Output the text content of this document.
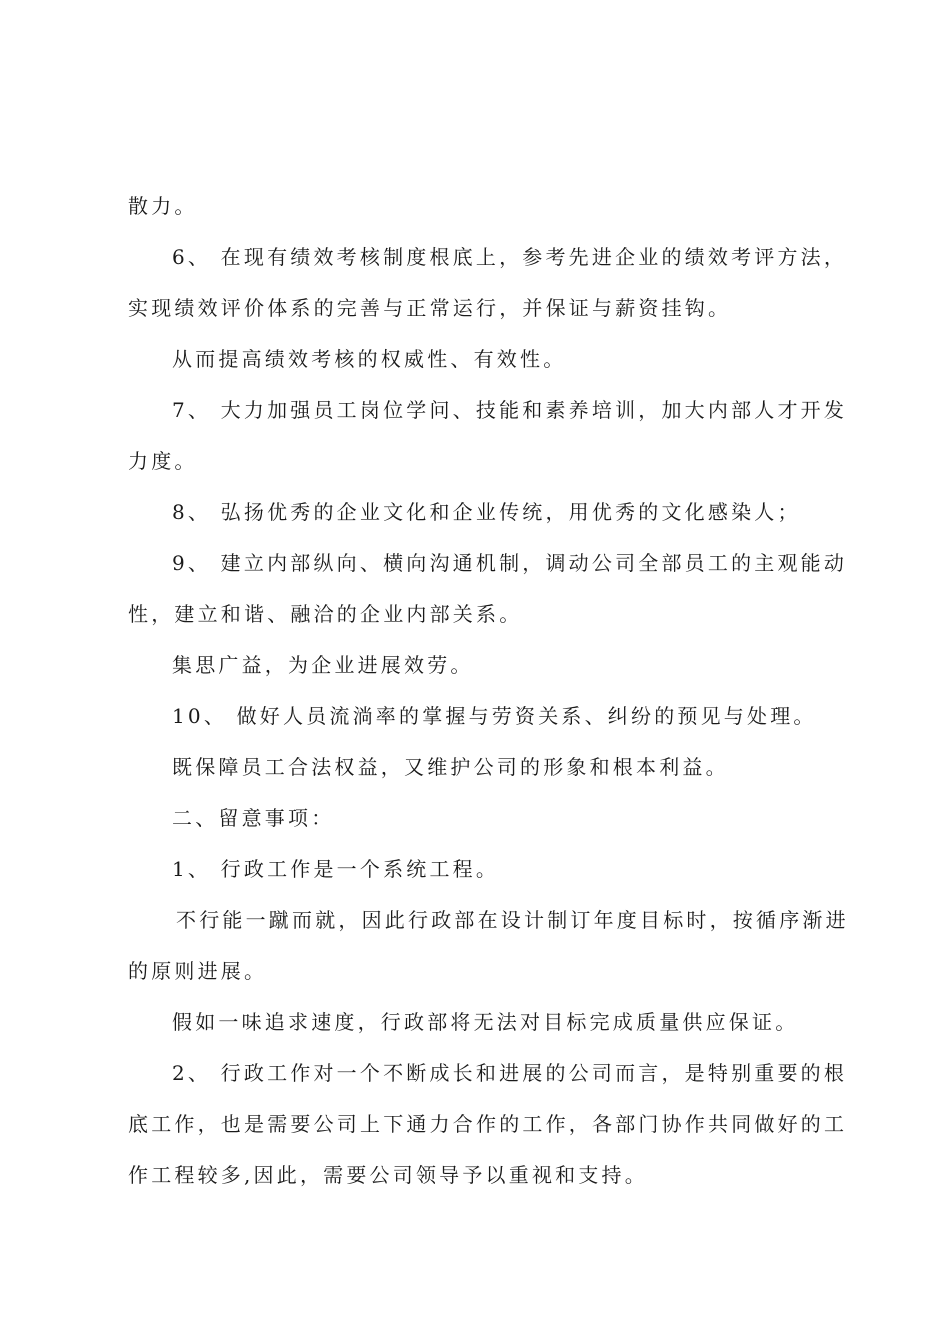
散力。
6、 在现有绩效考核制度根底上，参考先进企业的绩效考评方法，
实现绩效评价体系的完善与正常运行，并保证与薪资挂钩。
从而提高绩效考核的权威性、有效性。
7、 大力加强员工岗位学问、技能和素养培训，加大内部人才开发
力度。
8、 弘扬优秀的企业文化和企业传统，用优秀的文化感染人；
9、 建立内部纵向、横向沟通机制，调动公司全部员工的主观能动
性，建立和谐、融洽的企业内部关系。
集思广益，为企业进展效劳。
10、 做好人员流淌率的掌握与劳资关系、纠纷的预见与处理。
既保障员工合法权益，又维护公司的形象和根本利益。
二、留意事项：
1、 行政工作是一个系统工程。
不行能一蹴而就，因此行政部在设计制订年度目标时，按循序渐进
的原则进展。
假如一味追求速度，行政部将无法对目标完成质量供应保证。
2、 行政工作对一个不断成长和进展的公司而言，是特别重要的根
底工作，也是需要公司上下通力合作的工作，各部门协作共同做好的工
作工程较多,因此，需要公司领导予以重视和支持。
